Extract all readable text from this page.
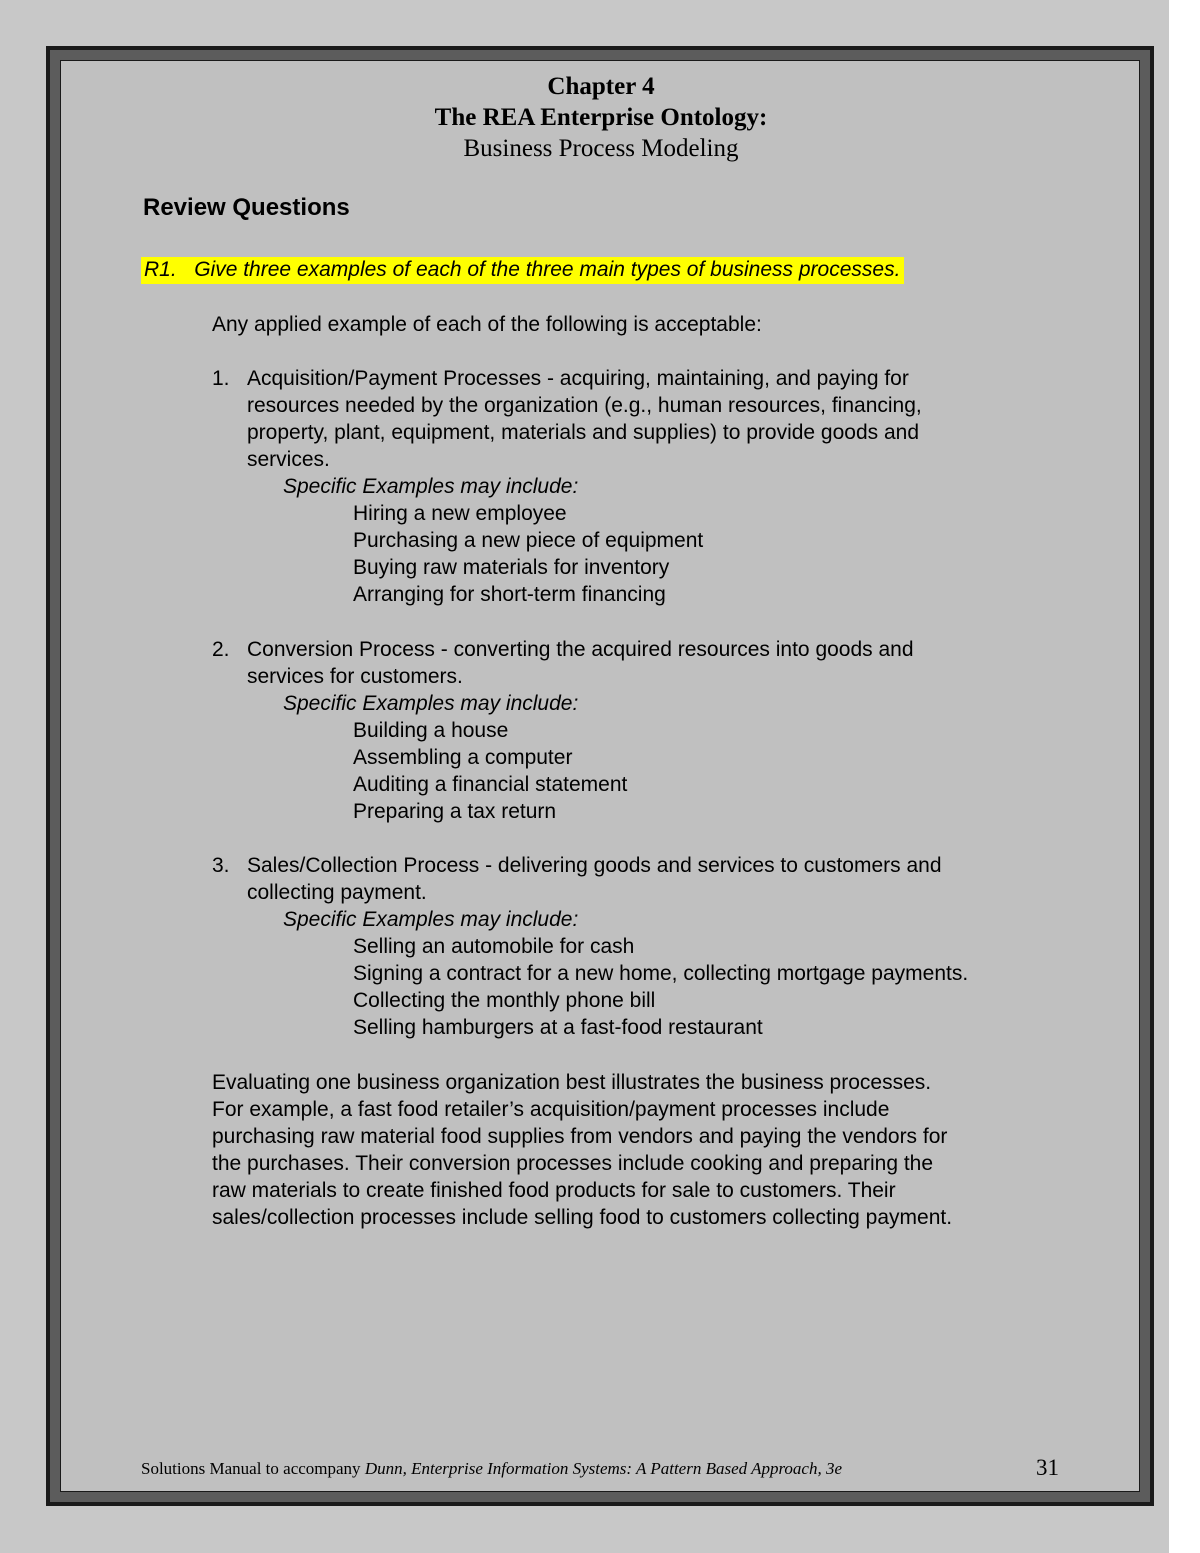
Chapter 4
The REA Enterprise Ontology:
Business Process Modeling
Review Questions
R1. Give three examples of each of the three main types of business processes.
Any applied example of each of the following is acceptable:
1. Acquisition/Payment Processes - acquiring, maintaining, and paying for
resources needed by the organization (e.g., human resources, financing,
property, plant, equipment, materials and supplies) to provide goods and
services.
Specific Examples may include:
Hiring a new employee
Purchasing a new piece of equipment
Buying raw materials for inventory
Arranging for short-term financing
2. Conversion Process - converting the acquired resources into goods and
services for customers.
Specific Examples may include:
Building a house
Assembling a computer
Auditing a financial statement
Preparing a tax return
3. Sales/Collection Process - delivering goods and services to customers and
collecting payment.
Specific Examples may include:
Selling an automobile for cash
Signing a contract for a new home, collecting mortgage payments.
Collecting the monthly phone bill
Selling hamburgers at a fast-food restaurant
Evaluating one business organization best illustrates the business processes.
For example, a fast food retailer’s acquisition/payment processes include
purchasing raw material food supplies from vendors and paying the vendors for
the purchases. Their conversion processes include cooking and preparing the
raw materials to create finished food products for sale to customers. Their
sales/collection processes include selling food to customers collecting payment.
Solutions Manual to accompany Dunn, Enterprise Information Systems: A Pattern Based Approach, 3e	31
